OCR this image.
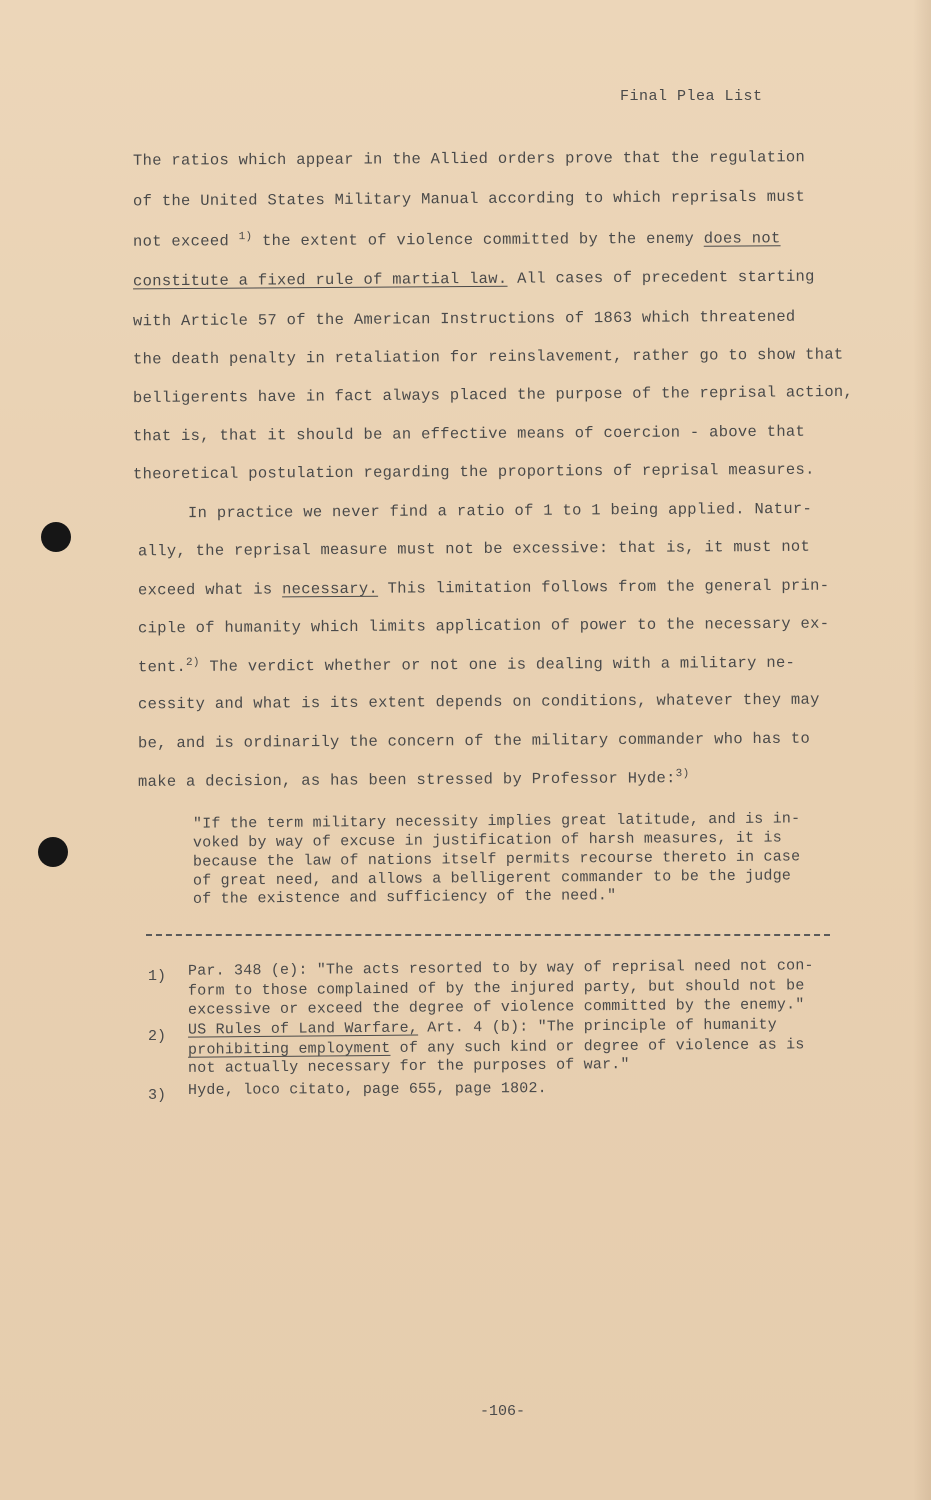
Final Plea List
The ratios which appear in the Allied orders prove that the regulation
of the United States Military Manual according to which reprisals must
not exceed $^{1)}$ the extent of violence committed by the enemy does not
constitute a fixed rule of martial law. All cases of precedent starting
with Article 57 of the American Instructions of 1863 which threatened
the death penalty in retaliation for reinslavement, rather go to show that
belligerents have in fact always placed the purpose of the reprisal action,
that is, that it should be an effective means of coercion - above that
theoretical postulation regarding the proportions of reprisal measures.
In practice we never find a ratio of 1 to 1 being applied. Natur-
ally, the reprisal measure must not be excessive: that is, it must not
exceed what is necessary. This limitation follows from the general prin-
ciple of humanity which limits application of power to the necessary ex-
tent.$^{2)}$ The verdict whether or not one is dealing with a military ne-
cessity and what is its extent depends on conditions, whatever they may
be, and is ordinarily the concern of the military commander who has to
make a decision, as has been stressed by Professor Hyde:$^{3)}$
"If the term military necessity implies great latitude, and is in-
voked by way of excuse in justification of harsh measures, it is
because the law of nations itself permits recourse thereto in case
of great need, and allows a belligerent commander to be the judge
of the existence and sufficiency of the need."
1) Par. 348 (e): "The acts resorted to by way of reprisal need not con-
form to those complained of by the injured party, but should not be
excessive or exceed the degree of violence committed by the enemy."
2) US Rules of Land Warfare, Art. 4 (b): "The principle of humanity
prohibiting employment of any such kind or degree of violence as is
not actually necessary for the purposes of war."
3) Hyde, loco citato, page 655, page 1802.
-106-
